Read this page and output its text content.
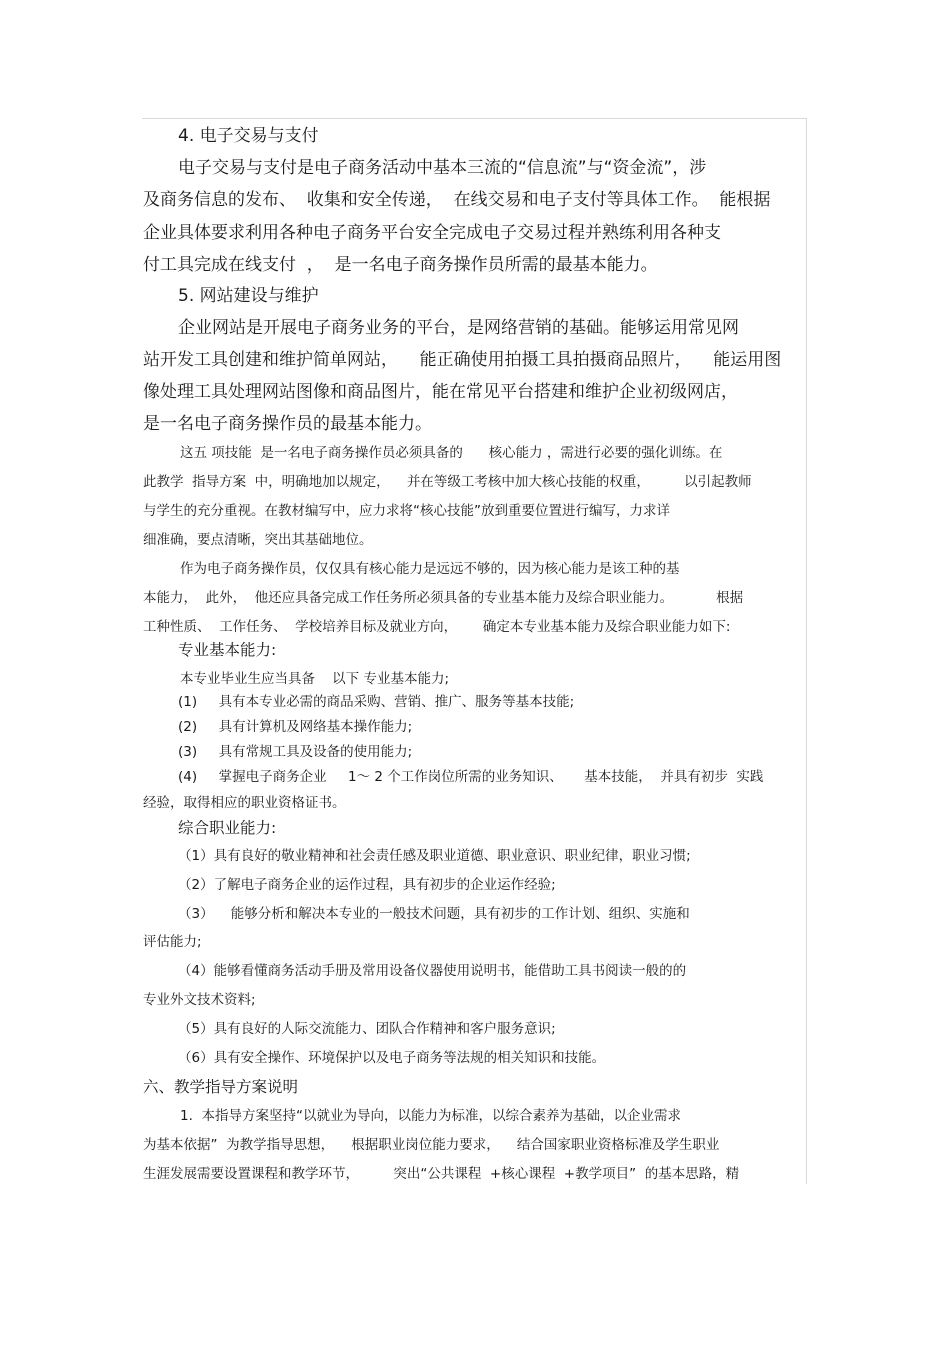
4. 电子交易与支付
电子交易与支付是电子商务活动中基本三流的“信息流”与“资金流”，涉
及商务信息的发布、  收集和安全传递，  在线交易和电子支付等具体工作。  能根据
企业具体要求利用各种电子商务平台安全完成电子交易过程并熟练利用各种支
付工具完成在线支付  ，  是一名电子商务操作员所需的最基本能力。
5. 网站建设与维护
企业网站是开展电子商务业务的平台，是网络营销的基础。能够运用常见网
站开发工具创建和维护简单网站，    能正确使用拍摄工具拍摄商品照片，    能运用图
像处理工具处理网站图像和商品图片，能在常见平台搭建和维护企业初级网店，
是一名电子商务操作员的最基本能力。
这五 项技能  是一名电子商务操作员必须具备的      核心能力 ，需进行必要的强化训练。在
此教学  指导方案  中，明确地加以规定，    并在等级工考核中加大核心技能的权重，        以引起教师
与学生的充分重视。在教材编写中，应力求将“核心技能”放到重要位置进行编写，力求详
细准确，要点清晰，突出其基础地位。
作为电子商务操作员，仅仅具有核心能力是远远不够的，因为核心能力是该工种的基
本能力，  此外，  他还应具备完成工作任务所必须具备的专业基本能力及综合职业能力。          根据
工种性质、  工作任务、  学校培养目标及就业方向，      确定本专业基本能力及综合职业能力如下:
专业基本能力:
本专业毕业生应当具备    以下 专业基本能力;
(1)     具有本专业必需的商品采购、营销、推广、服务等基本技能;
(2)     具有计算机及网络基本操作能力;
(3)     具有常规工具及设备的使用能力;
(4)     掌握电子商务企业     1～ 2 个工作岗位所需的业务知识、     基本技能，  并具有初步  实践
经验，取得相应的职业资格证书。
综合职业能力:
（1）具有良好的敬业精神和社会责任感及职业道德、职业意识、职业纪律，职业习惯;
（2）了解电子商务企业的运作过程，具有初步的企业运作经验;
（3）    能够分析和解决本专业的一般技术问题，具有初步的工作计划、组织、实施和
评估能力;
（4）能够看懂商务活动手册及常用设备仪器使用说明书，能借助工具书阅读一般的的
专业外文技术资料;
（5）具有良好的人际交流能力、团队合作精神和客户服务意识;
（6）具有安全操作、环境保护以及电子商务等法规的相关知识和技能。
六、教学指导方案说明
1.  本指导方案坚持“以就业为导向，以能力为标准，以综合素养为基础，以企业需求
为基本依据”  为教学指导思想，    根据职业岗位能力要求，    结合国家职业资格标准及学生职业
生涯发展需要设置课程和教学环节，        突出“公共课程  +核心课程  +教学项目”  的基本思路，精
